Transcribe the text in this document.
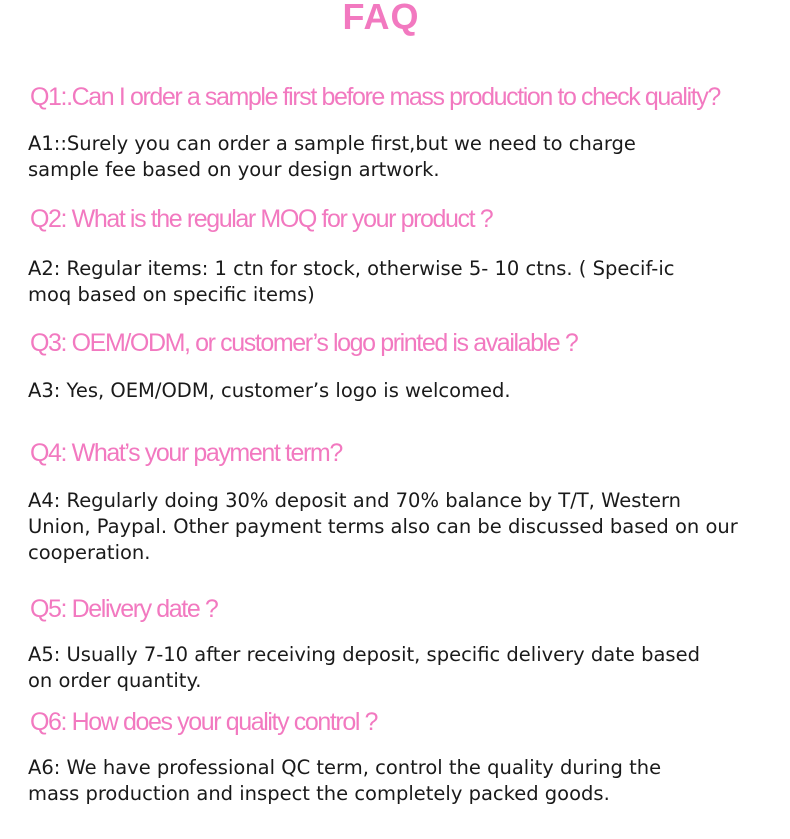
FAQ
Q1:.Can I order a sample first before mass production to check quality?

A1::Surely you can order a sample first,but we need to charge sample fee based on your design artwork.

Q2: What is the regular MOQ for your product ?

A2: Regular items: 1 ctn for stock, otherwise 5- 10 ctns. ( Specif-ic moq based on specific items)

Q3: OEM/ODM, or customer’s logo printed is available ?

A3: Yes, OEM/ODM, customer’s logo is welcomed.

Q4: What’s your payment term?

A4: Regularly doing 30% deposit and 70% balance by T/T, Western Union, Paypal. Other payment terms also can be discussed based on our cooperation.

Q5: Delivery date ?

A5: Usually 7-10 after receiving deposit, specific delivery date based on order quantity.

Q6: How does your quality control ?

A6: We have professional QC term, control the quality during the mass production and inspect the completely packed goods.
